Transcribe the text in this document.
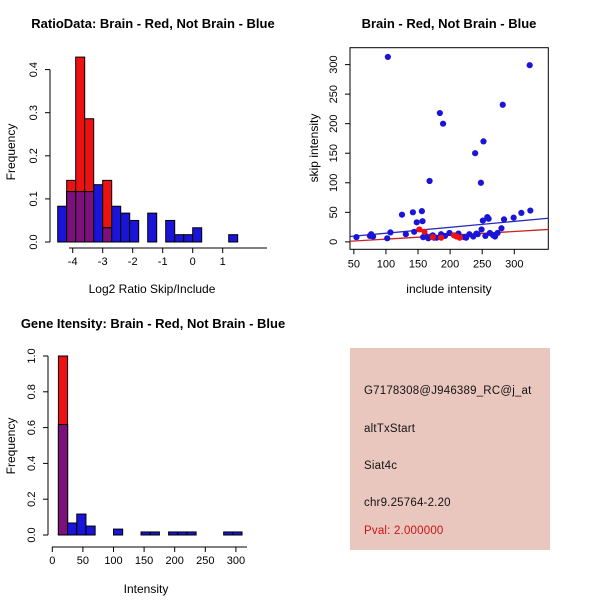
RatioData: Brain - Red, Not Brain - Blue
Log2 Ratio Skip/Include
Frequency
Brain - Red, Not Brain - Blue
include intensity
skip intensity
Gene Itensity: Brain - Red, Not Brain - Blue
Intensity
Frequency
0.0
0.1
0.2
0.3
0.4
-4 -3 -2 -1 0 1	50 100 150 200 250 300
0
50
100
150
200
250
300
0.0
0.2
0.4
0.6
0.8
1.0
0 50 100 150 200 250 300
G7178308@J946389_RC@j_at
altTxStart
Siat4c
chr9.25764-2.20
Pval: 2.000000
